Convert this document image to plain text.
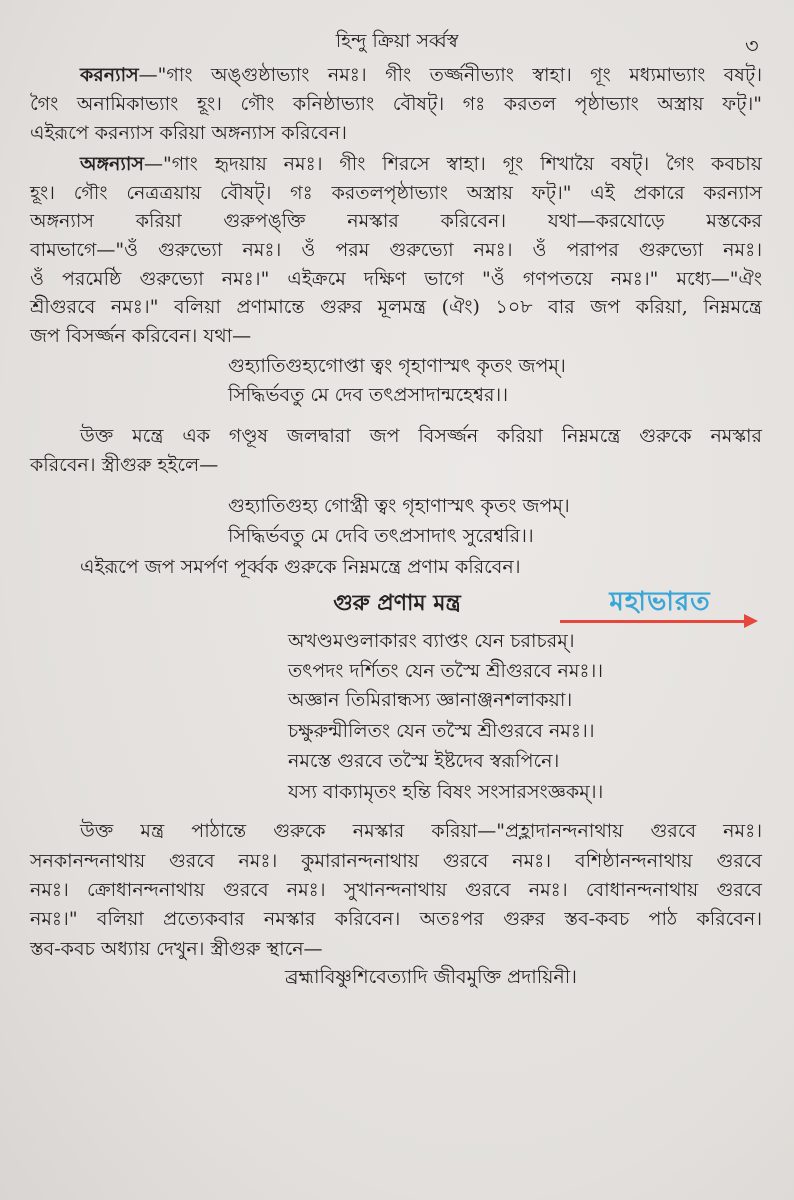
হিন্দু ক্রিয়া সর্ব্বস্ব	৩
করন্যাস—"গাং অঙ্গুষ্ঠাভ্যাং নমঃ। গীং তর্জ্জনীভ্যাং স্বাহা। গূং মধ্যমাভ্যাং বষট্।
গৈং অনামিকাভ্যাং হূং। গৌং কনিষ্ঠাভ্যাং বৌষট্। গঃ করতল পৃষ্ঠাভ্যাং অস্ত্রায় ফট্।"
এইরূপে করন্যাস করিয়া অঙ্গন্যাস করিবেন।
অঙ্গন্যাস—"গাং হৃদয়ায় নমঃ। গীং শিরসে স্বাহা। গূং শিখায়ৈ বষট্। গৈং কবচায়
হূং। গৌং নেত্রত্রয়ায় বৌষট্। গঃ করতলপৃষ্ঠাভ্যাং অস্ত্রায় ফট্।" এই প্রকারে করন্যাস
অঙ্গন্যাস করিয়া গুরুপঙ্‌ক্তি নমস্কার করিবেন। যথা—করযোড়ে মস্তকের
বামভাগে—"ওঁ গুরুভ্যো নমঃ। ওঁ পরম গুরুভ্যো নমঃ। ওঁ পরাপর গুরুভ্যো নমঃ।
ওঁ পরমেষ্ঠি গুরুভ্যো নমঃ।" এইক্রমে দক্ষিণ ভাগে "ওঁ গণপতয়ে নমঃ।" মধ্যে—"ঐং
শ্রীগুরবে নমঃ।" বলিয়া প্রণামান্তে গুরুর মূলমন্ত্র (ঐং) ১০৮ বার জপ করিয়া, নিম্নমন্ত্রে
জপ বিসর্জ্জন করিবেন। যথা—
গুহ্যাতিগুহ্যগোপ্তা ত্বং গৃহাণাস্মৎ কৃতং জপম্।
সিদ্ধির্ভবতু মে দেব তৎপ্রসাদান্মহেশ্বর।।
উক্ত মন্ত্রে এক গণ্ডূষ জলদ্বারা জপ বিসর্জ্জন করিয়া নিম্নমন্ত্রে গুরুকে নমস্কার
করিবেন। স্ত্রীগুরু হইলে—
গুহ্যাতিগুহ্য গোপ্ত্রী ত্বং গৃহাণাস্মৎ কৃতং জপম্।
সিদ্ধির্ভবতু মে দেবি তৎপ্রসাদাৎ সুরেশ্বরি।।
এইরূপে জপ সমর্পণ পূর্ব্বক গুরুকে নিম্নমন্ত্রে প্রণাম করিবেন।
গুরু প্রণাম মন্ত্র
অখণ্ডমণ্ডলাকারং ব্যাপ্তং যেন চরাচরম্।
তৎপদং দর্শিতং যেন তস্মৈ শ্রীগুরবে নমঃ।।
অজ্ঞান তিমিরান্ধস্য জ্ঞানাঞ্জনশলাকয়া।
চক্ষুরুন্মীলিতং যেন তস্মৈ শ্রীগুরবে নমঃ।।
নমস্তে গুরবে তস্মৈ ইষ্টদেব স্বরূপিনে।
যস্য বাক্যামৃতং হন্তি বিষং সংসারসংজ্ঞকম্।।
উক্ত মন্ত্র পাঠান্তে গুরুকে নমস্কার করিয়া—"প্রহ্লাদানন্দনাথায় গুরবে নমঃ।
সনকানন্দনাথায় গুরবে নমঃ। কুমারানন্দনাথায় গুরবে নমঃ। বশিষ্ঠানন্দনাথায় গুরবে
নমঃ। ক্রোধানন্দনাথায় গুরবে নমঃ। সুখানন্দনাথায় গুরবে নমঃ। বোধানন্দনাথায় গুরবে
নমঃ।" বলিয়া প্রত্যেকবার নমস্কার করিবেন। অতঃপর গুরুর স্তব-কবচ পাঠ করিবেন।
স্তব-কবচ অধ্যায় দেখুন। স্ত্রীগুরু স্থানে—
ব্রহ্মাবিষ্ণুশিবেত্যাদি জীবমুক্তি প্রদায়িনী।
মহাভারত
